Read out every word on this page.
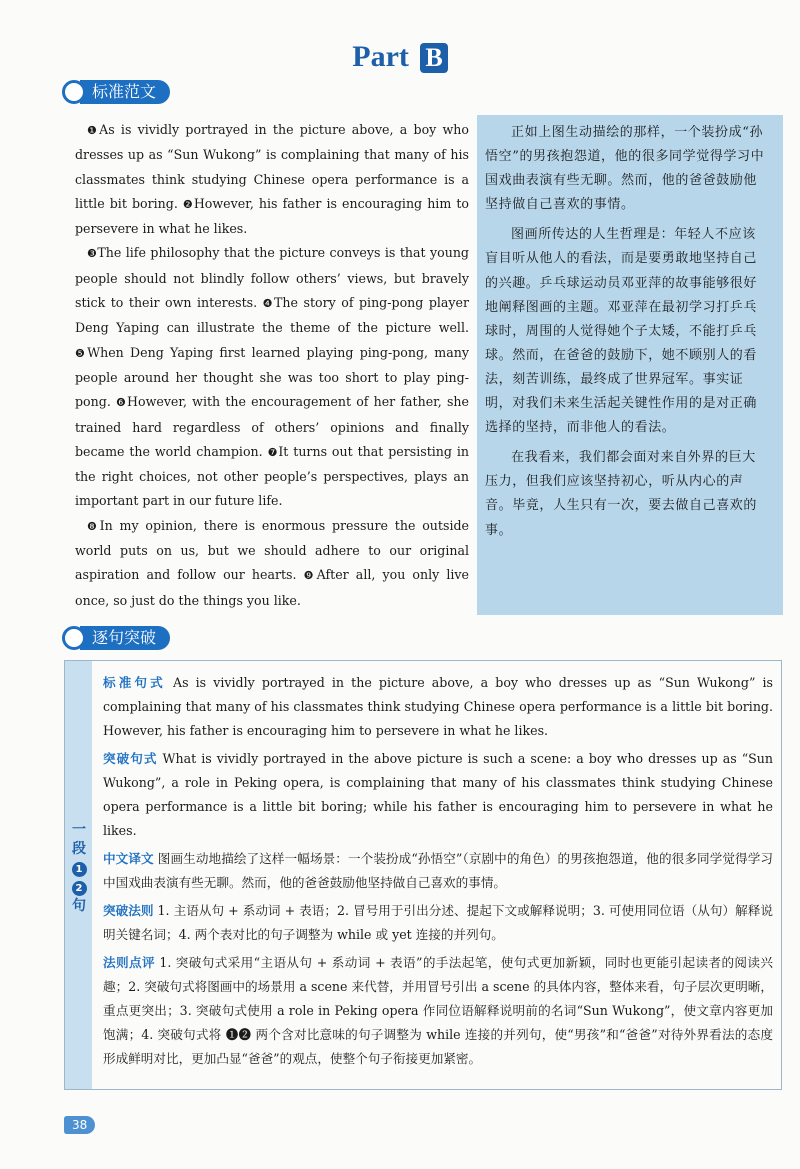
Part B
标准范文

❶As is vividly portrayed in the picture above, a boy who dresses up as “Sun Wukong” is complaining that many of his classmates think studying Chinese opera performance is a little bit boring. ❷However, his father is encouraging him to persevere in what he likes.

❸The life philosophy that the picture conveys is that young people should not blindly follow others’ views, but bravely stick to their own interests. ❹The story of ping-pong player Deng Yaping can illustrate the theme of the picture well. ❺When Deng Yaping first learned playing ping-pong, many people around her thought she was too short to play ping-pong. ❻However, with the encouragement of her father, she trained hard regardless of others’ opinions and finally became the world champion. ❼It turns out that persisting in the right choices, not other people’s perspectives, plays an important part in our future life.

❽In my opinion, there is enormous pressure the outside world puts on us, but we should adhere to our original aspiration and follow our hearts. ❾After all, you only live once, so just do the things you like.

正如上图生动描绘的那样，一个装扮成“孙悟空”的男孩抱怨道，他的很多同学觉得学习中国戏曲表演有些无聊。然而，他的爸爸鼓励他坚持做自己喜欢的事情。

图画所传达的人生哲理是：年轻人不应该盲目听从他人的看法，而是要勇敢地坚持自己的兴趣。乒乓球运动员邓亚萍的故事能够很好地阐释图画的主题。邓亚萍在最初学习打乒乓球时，周围的人觉得她个子太矮，不能打乒乓球。然而，在爸爸的鼓励下，她不顾别人的看法，刻苦训练，最终成了世界冠军。事实证明，对我们未来生活起关键性作用的是对正确选择的坚持，而非他人的看法。

在我看来，我们都会面对来自外界的巨大压力，但我们应该坚持初心，听从内心的声音。毕竟，人生只有一次，要去做自己喜欢的事。

逐句突破
一
段
1
2
句

标准句式 As is vividly portrayed in the picture above, a boy who dresses up as “Sun Wukong” is complaining that many of his classmates think studying Chinese opera performance is a little bit boring. However, his father is encouraging him to persevere in what he likes.

突破句式 What is vividly portrayed in the above picture is such a scene: a boy who dresses up as “Sun Wukong”, a role in Peking opera, is complaining that many of his classmates think studying Chinese opera performance is a little bit boring; while his father is encouraging him to persevere in what he likes.

中文译文 图画生动地描绘了这样一幅场景：一个装扮成“孙悟空”（京剧中的角色）的男孩抱怨道，他的很多同学觉得学习中国戏曲表演有些无聊。然而，他的爸爸鼓励他坚持做自己喜欢的事情。

突破法则 1. 主语从句 + 系动词 + 表语；2. 冒号用于引出分述、提起下文或解释说明；3. 可使用同位语（从句）解释说明关键名词；4. 两个表对比的句子调整为 while 或 yet 连接的并列句。

法则点评 1. 突破句式采用“主语从句 + 系动词 + 表语”的手法起笔，使句式更加新颖，同时也更能引起读者的阅读兴趣；2. 突破句式将图画中的场景用 a scene 来代替，并用冒号引出 a scene 的具体内容，整体来看，句子层次更明晰，重点更突出；3. 突破句式使用 a role in Peking opera 作同位语解释说明前的名词“Sun Wukong”，使文章内容更加饱满；4. 突破句式将 ❶❷ 两个含对比意味的句子调整为 while 连接的并列句，使“男孩”和“爸爸”对待外界看法的态度形成鲜明对比，更加凸显“爸爸”的观点，使整个句子衔接更加紧密。

38
